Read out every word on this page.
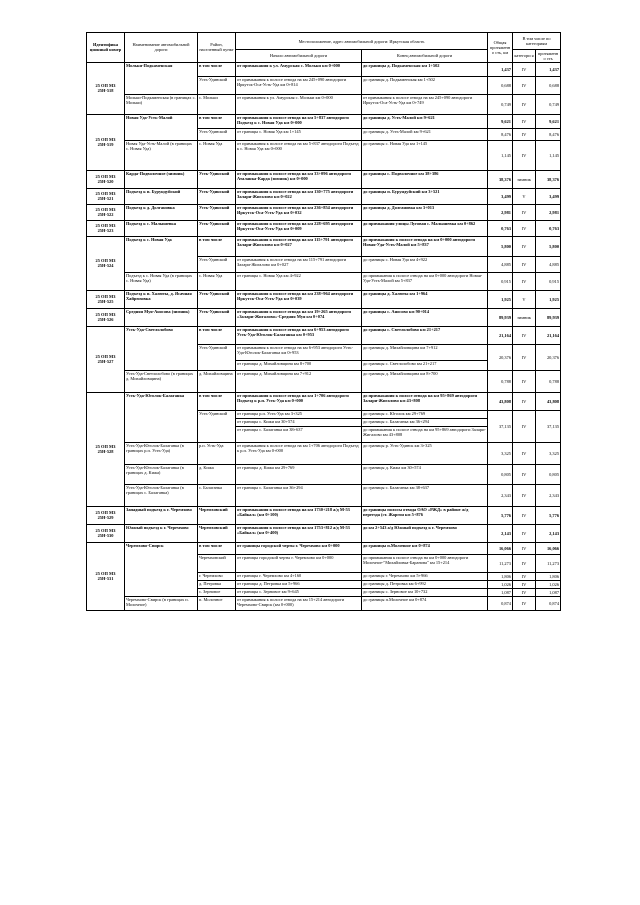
Идентифика ционный номер	Наименование автомобильной дороги	Район, населенный пункт	Местоположение, адрес автомобильной дороги: Иркутская область		Общая протяженно сть, км	В том числе по категориям	
			Начало автомобильной дороги	Конец автомобильной дороги		категори я	протяженно сть
25 ОП МЗ 25Н-518	Мольки-Подкаменская	в том числе	от примыкания к ул. Амурская с. Мольки км 0+000	до границы д. Подкаменская км 1+502	1,437	IV	1,437
		Усть-Удинский	от примыкания к полосе отвода на км 245+090 автодороги Иркутск-Оса-Усть-Уда км 0+814	до границы д. Подкаменская км 1+502	0,688	IV	0,688
	Мольки-Подкаменская (в границах с. Мольки)	с. Мольки	от примыкания к ул. Амурская с. Мольки км 0+000	от примыкания к полосе отвода на км 245+090 автодороги Иркутск-Оса-Усть-Уда км 0+749	0,749	IV	0,749
25 ОП МЗ 25Н-519	Новая Уда-Усть-Малой	в том числе	от примыкания к полосе отвода на км 5+837 автодороги Подъезд к с. Новая Уда км 0+000	до границы д. Усть-Малой км 9+621	9,621	IV	9,621
		Усть-Удинский	от границы с. Новая Уда км 1+145	до границы д. Усть-Малой км 9+621	8,476	IV	8,476
	Новая Уда-Усть-Малой (в границах с. Новая Уда)	с. Новая Уда	от примыкания к полосе отвода на км 5+837 автодороги Подъезд к с. Новая Уда км 0+000	до границы с. Новая Уда км 1+145	1,145	IV	1,145
25 ОП МЗ 25Н-520	Карда-Подволочное (зимник)	Усть-Удинский	от примыкания к полосе отвода на км 33+096 автодороги Аталанка-Карда (зимник) км 0+000	до границы с. Подволочное км 38+386	38,376	зимник	38,376
25 ОП МЗ 25Н-521	Подъезд к п. Бурундуйский	Усть-Удинский	от примыкания к полосе отвода на км 130+775 автодороги Залари-Жигалово км 0+022	до границы п. Бурундуйский км 3+521	3,499	V	3,499
25 ОП МЗ 25Н-522	Подъезд к д. Долгановка	Усть-Удинский	от примыкания к полосе отвода на км 236+854 автодороги Иркутск-Оса-Усть-Уда км 0+032	до границы д. Долгановка км 3+013	2,981	IV	2,981
25 ОП МЗ 25Н-523	Подъезд к с. Малышевка	Усть-Удинский	от примыкания к полосе отвода на км 228+695 автодороги Иркутск-Оса-Усть-Уда км 0+009	до примыкания улицы Луговая с. Малышевка км 0+862	0,763	IV	0,763
25 ОП МЗ 25Н-524	Подъезд к с. Новая Уда	в том числе	от примыкания к полосе отвода на км 115+791 автодороги Залари-Жигалово км 0+027	до примыкания к полосе отвода на км 0+000 автодороги Новая-Уда-Усть-Малой км 5+837	5,800	IV	5,800
		Усть-Удинский	от примыкания к полосе отвода на км 115+791 автодороги Залари-Жигалово км 0+027	до границы с. Новая Уда км 4+922	4,885	IV	4,885
	Подъезд к с. Новая Уда (в границах с. Новая Уда)	с. Новая Уда	от границы с. Новая Уда км 4+922	до примыкания к полосе отвода на км 0+000 автодороги Новая-Уда-Усть-Малой км 5+837	0,915	IV	0,915
25 ОП МЗ 25Н-525	Подъезд к п. Халюты, д. Ясачная Хайрюзовка	Усть-Удинский	от примыкания к полосе отвода на км 238+964 автодороги Иркутск-Оса-Усть-Уда км 0+039	до границы д. Халюты км 1+964	1,925	V	1,925
25 ОП МЗ 25Н-526	Средняя Муя-Аносова (зимник)	Усть-Удинский	от примыкания к полосе отвода на км 19+265 автодороги «Залари-Жигалово»-Средняя Муя км 0+074	до границы с. Аносово км 90+014	89,939	зимник	89,939
25 ОП МЗ 25Н-527	Усть-Уда-Светлолобово	в том числе	от примыкания к полосе отвода на км 6+953 автодороги Усть-Уда-Юголок-Балаганка км 0+953	до границы с. Светлолобово км 21+217	21,164	IV	21,164
		Усть-Удинский	от примыкания к полосе отвода на км 6+953 автодороги Усть-Уда-Юголок-Балаганка км 0+953	до границы д. Михайловщина км 7+912	20,376	IV	20,376
			от границы д. Михайловщина км 8+700	до границы с. Светлолобово км 21+217			
	Усть-Уда-Светлолобово (в границах д. Михайловщина)	д. Михайловщина	от границы д. Михайловщина км 7+912	до границы д. Михайловщина км 8+700	0,788	IV	0,788
25 ОП МЗ 25Н-528	Усть-Уда-Юголок-Балаганка	в том числе	от примыкания к полосе отвода на км 1+706 автодороги Подъезд к р.п. Усть-Уда км 0+000	до примыкания к полосе отвода на км 95+869 автодороги Залари-Жигалово км 43+808	43,808	IV	43,808
		Усть-Удинский	от границы р.п. Усть-Уда км 3+325	до границы с. Юголок км 29+769	37,135	IV	37,135
			от границы с. Кижи км 30+574	до границы с. Балаганка км 36+294			
			от границы с. Балаганка км 38+637	до примыкания к полосе отвода на км 95+869 автодороги Залари-Жигалово км 43+808			
	Усть-Уда-Юголок-Балаганка (в границах р.п. Усть-Уда)	р.п. Усть-Уда	от примыкания к полосе отвода на км 1+706 автодороги Подъезд к р.п. Усть-Уда км 0+000	до границы р. Усть-Удинск км 3+325	3,325	IV	3,325
	Усть-Уда-Юголок-Балаганка (в границах д. Кижа)	д. Кижа	от границы д. Кижа км 29+769	до границы д. Кижа км 30+574	0,805	IV	0,805
	Усть-Уда-Юголок-Балаганка (в границах с. Балаганка)	с. Балаганка	от границы с. Балаганка км 36+294	до границы с. Балаганка км 38+637	2,343	IV	2,343
25 ОП МЗ 25Н-529	Западный подъезд к г. Черемхово	Черемховский	от примыкания к полосе отвода на км 1730+218 а/д М-53 «Байкал» (км 0+100)	до границы полосы отвода ОАО «РЖД» в районе ж/д переезда (ст. Жаргон км 5+876	5,776	IV	5,776
25 ОП МЗ 25Н-530	Южный подъезд к г. Черемхово	Черемховский	от примыкания к полосе отвода на км 1753+812 а/д М-53 «Байкал» (км 0+400)	до км 2+543 а/д Южный подъезд к г. Черемхово	2,143	IV	2,143
25 ОП МЗ 25Н-531	Черемхово-Свирск	в том числе	от границы городской черты г. Черемхово км 0+000	до границы п.Молочное км 0+874	16,066	IV	16,066
		Черемховский	от границы городской черты г. Черемхово км 0+000	до примыкания к полосе отвода на км 0+000 автодороги Молочное-"Михайловка-Баранова" км 15+214	11,273	IV	11,273
		г. Черемхово	от границы г. Черемхово км 4+160	до границы г. Черемхово км 5+966	1,806	IV	1,806
		д. Петровка	от границы д. Петровка км 5+966	до границы д. Петровка км 6+992	1,026	IV	1,026
		с. Зерновое	от границы с. Зерновое км 9+645	до границы с. Зерновое км 10+732	1,087	IV	1,087
	Черемхово-Свирск (в границах п. Молочное)	п. Молочное	от примыкания к полосе отвода на км 15+214 автодороги Черемхово-Свирск (км 0+000)	до границы п.Молочное км 0+874	0,874	IV	0,874
